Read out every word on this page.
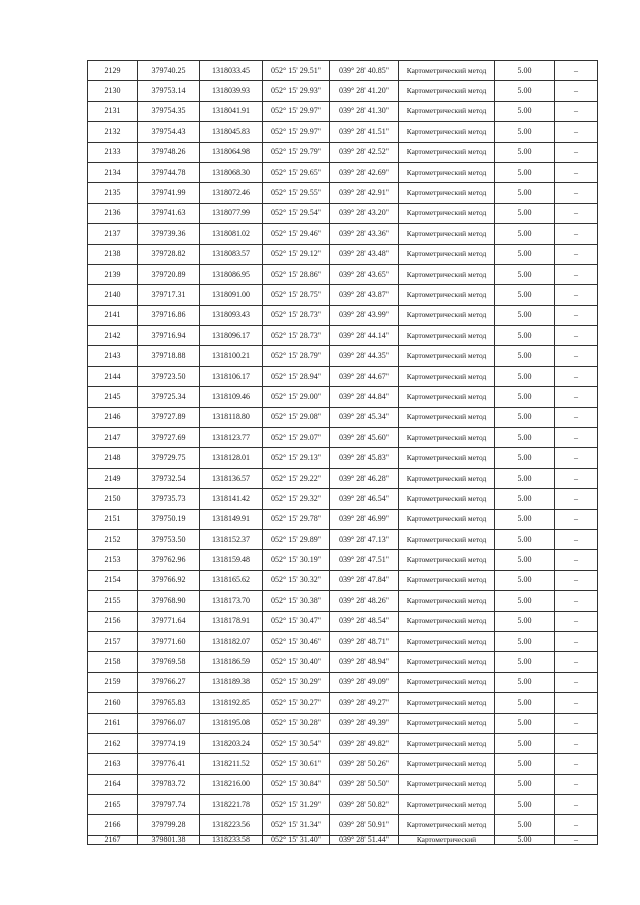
2129	379740.25	1318033.45	052° 15' 29.51"	039° 28' 40.85"	Картометрический метод	5.00	–
2130	379753.14	1318039.93	052° 15' 29.93"	039° 28' 41.20"	Картометрический метод	5.00	–
2131	379754.35	1318041.91	052° 15' 29.97"	039° 28' 41.30"	Картометрический метод	5.00	–
2132	379754.43	1318045.83	052° 15' 29.97"	039° 28' 41.51"	Картометрический метод	5.00	–
2133	379748.26	1318064.98	052° 15' 29.79"	039° 28' 42.52"	Картометрический метод	5.00	–
2134	379744.78	1318068.30	052° 15' 29.65"	039° 28' 42.69"	Картометрический метод	5.00	–
2135	379741.99	1318072.46	052° 15' 29.55"	039° 28' 42.91"	Картометрический метод	5.00	–
2136	379741.63	1318077.99	052° 15' 29.54"	039° 28' 43.20"	Картометрический метод	5.00	–
2137	379739.36	1318081.02	052° 15' 29.46"	039° 28' 43.36"	Картометрический метод	5.00	–
2138	379728.82	1318083.57	052° 15' 29.12"	039° 28' 43.48"	Картометрический метод	5.00	–
2139	379720.89	1318086.95	052° 15' 28.86"	039° 28' 43.65"	Картометрический метод	5.00	–
2140	379717.31	1318091.00	052° 15' 28.75"	039° 28' 43.87"	Картометрический метод	5.00	–
2141	379716.86	1318093.43	052° 15' 28.73"	039° 28' 43.99"	Картометрический метод	5.00	–
2142	379716.94	1318096.17	052° 15' 28.73"	039° 28' 44.14"	Картометрический метод	5.00	–
2143	379718.88	1318100.21	052° 15' 28.79"	039° 28' 44.35"	Картометрический метод	5.00	–
2144	379723.50	1318106.17	052° 15' 28.94"	039° 28' 44.67"	Картометрический метод	5.00	–
2145	379725.34	1318109.46	052° 15' 29.00"	039° 28' 44.84"	Картометрический метод	5.00	–
2146	379727.89	1318118.80	052° 15' 29.08"	039° 28' 45.34"	Картометрический метод	5.00	–
2147	379727.69	1318123.77	052° 15' 29.07"	039° 28' 45.60"	Картометрический метод	5.00	–
2148	379729.75	1318128.01	052° 15' 29.13"	039° 28' 45.83"	Картометрический метод	5.00	–
2149	379732.54	1318136.57	052° 15' 29.22"	039° 28' 46.28"	Картометрический метод	5.00	–
2150	379735.73	1318141.42	052° 15' 29.32"	039° 28' 46.54"	Картометрический метод	5.00	–
2151	379750.19	1318149.91	052° 15' 29.78"	039° 28' 46.99"	Картометрический метод	5.00	–
2152	379753.50	1318152.37	052° 15' 29.89"	039° 28' 47.13"	Картометрический метод	5.00	–
2153	379762.96	1318159.48	052° 15' 30.19"	039° 28' 47.51"	Картометрический метод	5.00	–
2154	379766.92	1318165.62	052° 15' 30.32"	039° 28' 47.84"	Картометрический метод	5.00	–
2155	379768.90	1318173.70	052° 15' 30.38"	039° 28' 48.26"	Картометрический метод	5.00	–
2156	379771.64	1318178.91	052° 15' 30.47"	039° 28' 48.54"	Картометрический метод	5.00	–
2157	379771.60	1318182.07	052° 15' 30.46"	039° 28' 48.71"	Картометрический метод	5.00	–
2158	379769.58	1318186.59	052° 15' 30.40"	039° 28' 48.94"	Картометрический метод	5.00	–
2159	379766.27	1318189.38	052° 15' 30.29"	039° 28' 49.09"	Картометрический метод	5.00	–
2160	379765.83	1318192.85	052° 15' 30.27"	039° 28' 49.27"	Картометрический метод	5.00	–
2161	379766.07	1318195.08	052° 15' 30.28"	039° 28' 49.39"	Картометрический метод	5.00	–
2162	379774.19	1318203.24	052° 15' 30.54"	039° 28' 49.82"	Картометрический метод	5.00	–
2163	379776.41	1318211.52	052° 15' 30.61"	039° 28' 50.26"	Картометрический метод	5.00	–
2164	379783.72	1318216.00	052° 15' 30.84"	039° 28' 50.50"	Картометрический метод	5.00	–
2165	379797.74	1318221.78	052° 15' 31.29"	039° 28' 50.82"	Картометрический метод	5.00	–
2166	379799.28	1318223.56	052° 15' 31.34"	039° 28' 50.91"	Картометрический метод	5.00	–
2167	379801.38	1318233.58	052° 15' 31.40"	039° 28' 51.44"	Картометрический	5.00	–
